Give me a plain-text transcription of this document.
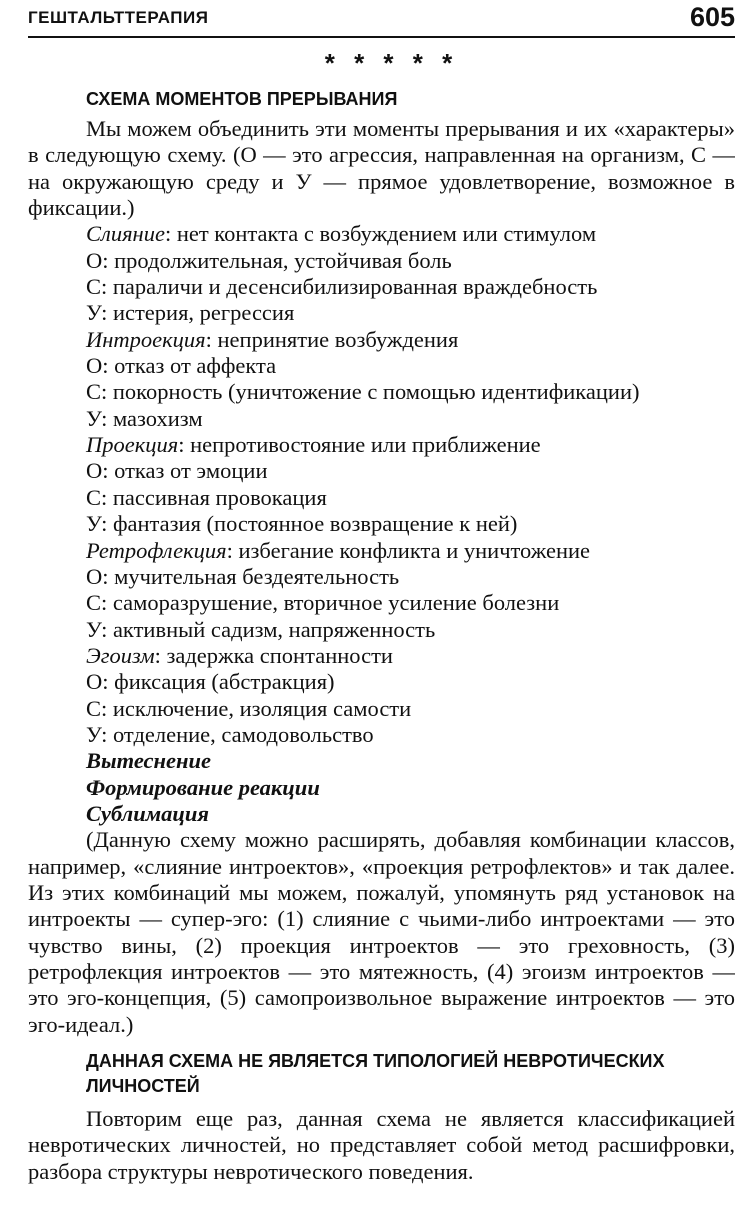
ГЕШТАЛЬТТЕРАПИЯ	605
* * * * *
СХЕМА МОМЕНТОВ ПРЕРЫВАНИЯ

Мы можем объединить эти моменты прерывания и их «характеры» в следующую схему. (О — это агрессия, направленная на организм, С — на окружающую среду и У — прямое удовлетворение, возможное в фиксации.)

Слияние: нет контакта с возбуждением или стимулом
О: продолжительная, устойчивая боль
С: параличи и десенсибилизированная враждебность
У: истерия, регрессия
Интроекция: непринятие возбуждения
О: отказ от аффекта
С: покорность (уничтожение с помощью идентификации)
У: мазохизм
Проекция: непротивостояние или приближение
О: отказ от эмоции
С: пассивная провокация
У: фантазия (постоянное возвращение к ней)
Ретрофлекция: избегание конфликта и уничтожение
О: мучительная бездеятельность
С: саморазрушение, вторичное усиление болезни
У: активный садизм, напряженность
Эгоизм: задержка спонтанности
О: фиксация (абстракция)
С: исключение, изоляция самости
У: отделение, самодовольство
Вытеснение
Формирование реакции
Сублимация

(Данную схему можно расширять, добавляя комбинации классов, например, «слияние интроектов», «проекция ретрофлектов» и так далее. Из этих комбинаций мы можем, пожалуй, упомянуть ряд установок на интроекты — супер-эго: (1) слияние с чьими-либо интроектами — это чувство вины, (2) проекция интроектов — это греховность, (3) ретрофлекция интроектов — это мятежность, (4) эгоизм интроектов — это эго-концепция, (5) самопроизвольное выражение интроектов — это эго-идеал.)

ДАННАЯ СХЕМА НЕ ЯВЛЯЕТСЯ ТИПОЛОГИЕЙ НЕВРОТИЧЕСКИХ ЛИЧНОСТЕЙ

Повторим еще раз, данная схема не является классификацией невротических личностей, но представляет собой метод расшифровки, разбора структуры невротического поведения.
